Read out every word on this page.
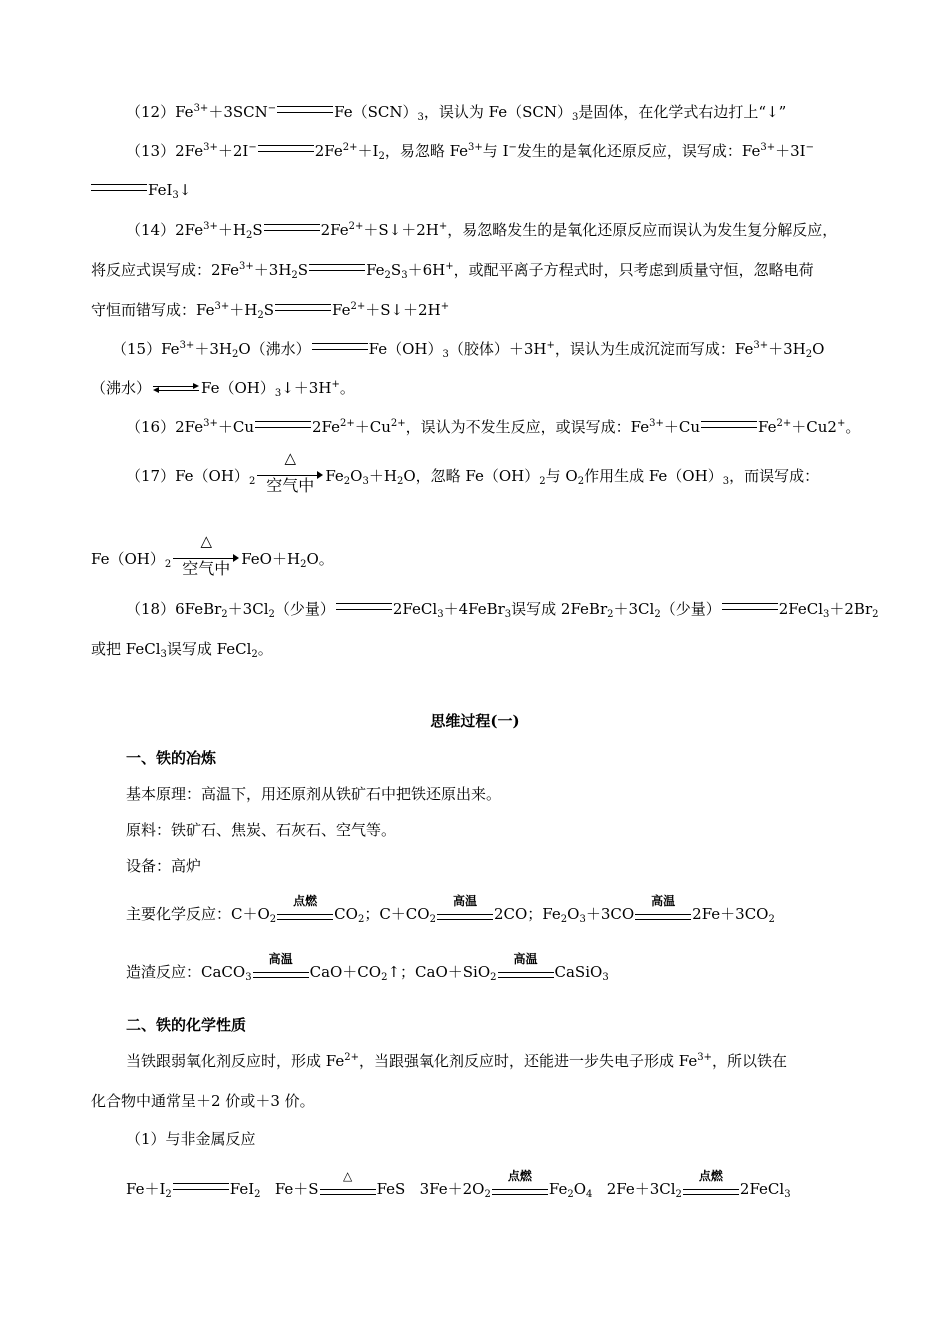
$(12)Fe^{3+}+3SCN^-$	$Fe(SCN)_3$，误认为 $Fe(SCN)_3$是固体，在化学式右边打上“↓”
$(13)2Fe^{3+}+2I^-$	$2Fe^{2+}+I_2$，易忽略 $Fe^{3+}$与 I−发生的是氧化还原反应，误写成：$Fe^{3+}+3I^-$
FeI$_3$↓
$(14)2Fe^{3+}+H_2S$	$2Fe^{2+}+S↓+2H^+$，易忽略发生的是氧化还原反应而误认为发生复分解反应，
将反应式误写成：$2Fe^{3+}+3H_2S$	$Fe_2S_3+6H^+$，或配平离子方程式时，只考虑到质量守恒，忽略电荷
守恒而错写成：$Fe^{3+}+H_2S$	$Fe^{2+}+S↓+2H^+$
$(15)Fe^{3+}+3H_2O$（沸水）	$Fe(OH)_3$（胶体）＋3H+，误认为生成沉淀而写成：$Fe^{3+}+3H_2O$
（沸水）	$Fe(OH)_3↓+3H^+$。
$(16)2Fe^{3+}+Cu$	$2Fe^{2+}+Cu^{2+}$，误认为不发生反应，或误写成：$Fe^{3+}+Cu$	$Fe^{2+}+Cu2^+$。
$(17)Fe(OH)_2$
△
空气中 $Fe_2O_3+H_2O$，忽略 $Fe(OH)_2$与 $O_2$作用生成 $Fe(OH)_3$，而误写成：
$Fe(OH)_2$
△
空气中 $FeO+H_2O$。
$(18)6FeBr_2+3Cl_2$（少量）	2FeCl$_3$＋4FeBr$_3$误写成 $2FeBr_2+3Cl_2$（少量）	$2FeCl_3+2Br_2$
或把 FeCl$_3$误写成 FeCl$_2$。
思维过程(一)
一、铁的冶炼
基本原理：高温下，用还原剂从铁矿石中把铁还原出来。
原料：铁矿石、焦炭、石灰石、空气等。
设备：高炉
主要化学反应：$C+O_2$
点燃
$CO_2$；$C+CO_2$
高温
2CO；$Fe_2O_3+3CO$
高温
$2Fe+3CO_2$
造渣反应：CaCO$_3$
高温
$CaO+CO_2↑$；CaO＋SiO$_2$
高温
CaSiO$_3$
二、铁的化学性质
当铁跟弱氧化剂反应时，形成 $Fe^{2+}$，当跟强氧化剂反应时，还能进一步失电子形成 $Fe^{3+}$，所以铁在
化合物中通常呈＋2 价或＋3 价。
（1）与非金属反应
$Fe+I_2$	FeI$_2$   Fe＋S
△
FeS   $3Fe+2O_2$
点燃
$Fe_2O_4$   $2Fe+3Cl_2$
点燃
2FeCl$_3$
